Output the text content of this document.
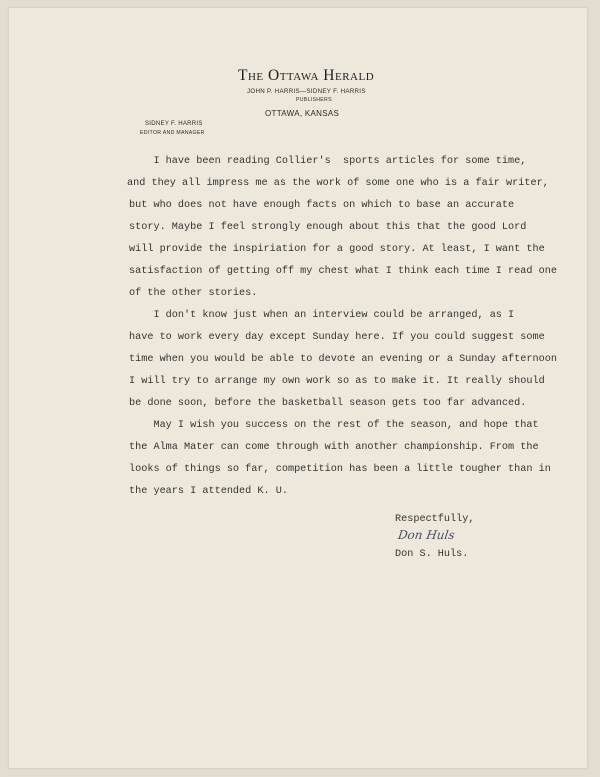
The Ottawa Herald
JOHN P. HARRIS—SIDNEY F. HARRIS
PUBLISHERS
OTTAWA, KANSAS
SIDNEY F. HARRIS
EDITOR AND MANAGER
I have been reading Collier's  sports articles for some time,
and they all impress me as the work of some one who is a fair writer,
but who does not have enough facts on which to base an accurate
story. Maybe I feel strongly enough about this that the good Lord
will provide the inspiriation for a good story. At least, I want the
satisfaction of getting off my chest what I think each time I read one
of the other stories.
I don't know just when an interview could be arranged, as I
have to work every day except Sunday here. If you could suggest some
time when you would be able to devote an evening or a Sunday afternoon
I will try to arrange my own work so as to make it. It really should
be done soon, before the basketball season gets too far advanced.
May I wish you success on the rest of the season, and hope that
the Alma Mater can come through with another championship. From the
looks of things so far, competition has been a little tougher than in
the years I attended K. U.
Respectfully,
Don Huls
Don S. Huls.
